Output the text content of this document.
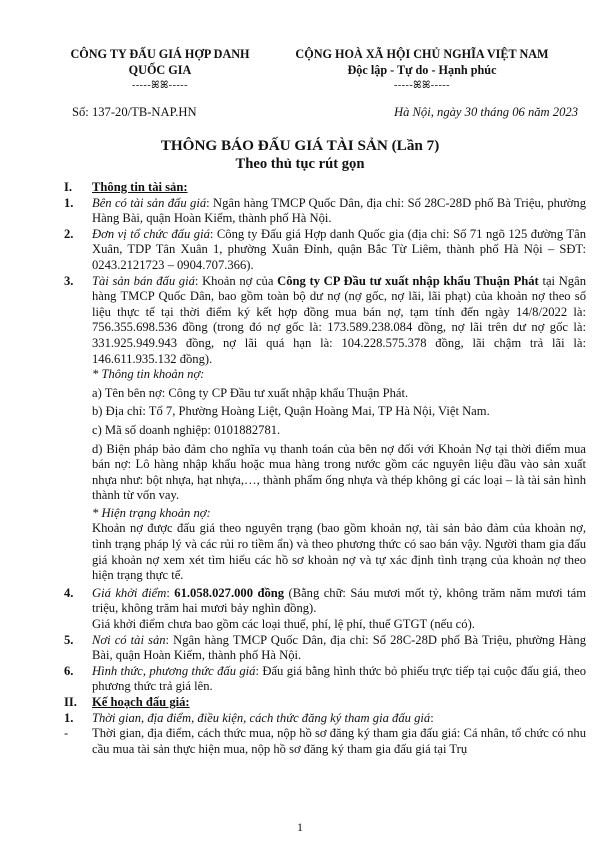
CÔNG TY ĐẤU GIÁ HỢP DANH
QUỐC GIA
-----ꕤꕤ-----
CỘNG HOÀ XÃ HỘI CHỦ NGHĨA VIỆT NAM
Độc lập - Tự do - Hạnh phúc
-----ꕤꕤ-----
Số: 137-20/TB-NAP.HN	Hà Nội, ngày 30 tháng 06 năm 2023
THÔNG BÁO ĐẤU GIÁ TÀI SẢN (Lần 7)
Theo thủ tục rút gọn
I. Thông tin tài sản:
1. Bên có tài sản đấu giá: Ngân hàng TMCP Quốc Dân, địa chỉ: Số 28C-28D phố Bà Triệu, phường Hàng Bài, quận Hoàn Kiếm, thành phố Hà Nội.
2. Đơn vị tổ chức đấu giá: Công ty Đấu giá Hợp danh Quốc gia (địa chỉ: Số 71 ngõ 125 đường Tân Xuân, TDP Tân Xuân 1, phường Xuân Đỉnh, quận Bắc Từ Liêm, thành phố Hà Nội – SĐT: 0243.2121723 – 0904.707.366).
3. Tài sản bán đấu giá: Khoản nợ của Công ty CP Đầu tư xuất nhập khẩu Thuận Phát tại Ngân hàng TMCP Quốc Dân, bao gồm toàn bộ dư nợ (nợ gốc, nợ lãi, lãi phạt) của khoản nợ theo số liệu thực tế tại thời điểm ký kết hợp đồng mua bán nợ, tạm tính đến ngày 14/8/2022 là: 756.355.698.536 đồng (trong đó nợ gốc là: 173.589.238.084 đồng, nợ lãi trên dư nợ gốc là: 331.925.949.943 đồng, nợ lãi quá hạn là: 104.228.575.378 đồng, lãi chậm trả lãi là: 146.611.935.132 đồng).
* Thông tin khoản nợ:
a) Tên bên nợ: Công ty CP Đầu tư xuất nhập khẩu Thuận Phát.
b) Địa chỉ: Tổ 7, Phường Hoàng Liệt, Quận Hoàng Mai, TP Hà Nội, Việt Nam.
c) Mã số doanh nghiệp: 0101882781.
d) Biện pháp bảo đảm cho nghĩa vụ thanh toán của bên nợ đối với Khoản Nợ tại thời điểm mua bán nợ: Lô hàng nhập khẩu hoặc mua hàng trong nước gồm các nguyên liệu đầu vào sản xuất nhựa như: bột nhựa, hạt nhựa,…, thành phẩm ống nhựa và thép không gỉ các loại – là tài sản hình thành từ vốn vay.
* Hiện trạng khoản nợ:
Khoản nợ được đấu giá theo nguyên trạng (bao gồm khoản nợ, tài sản bảo đảm của khoản nợ, tình trạng pháp lý và các rủi ro tiềm ẩn) và theo phương thức có sao bán vậy. Người tham gia đấu giá khoản nợ xem xét tìm hiểu các hồ sơ khoản nợ và tự xác định tình trạng của khoản nợ theo hiện trạng thực tế.
4. Giá khởi điểm: 61.058.027.000 đồng (Bằng chữ: Sáu mươi mốt tỷ, không trăm năm mươi tám triệu, không trăm hai mươi bảy nghìn đồng).
Giá khởi điểm chưa bao gồm các loại thuế, phí, lệ phí, thuế GTGT (nếu có).
5. Nơi có tài sản: Ngân hàng TMCP Quốc Dân, địa chỉ: Số 28C-28D phố Bà Triệu, phường Hàng Bài, quận Hoàn Kiếm, thành phố Hà Nội.
6. Hình thức, phương thức đấu giá: Đấu giá bằng hình thức bỏ phiếu trực tiếp tại cuộc đấu giá, theo phương thức trả giá lên.
II. Kế hoạch đấu giá:
1. Thời gian, địa điểm, điều kiện, cách thức đăng ký tham gia đấu giá:
- Thời gian, địa điểm, cách thức mua, nộp hồ sơ đăng ký tham gia đấu giá: Cá nhân, tổ chức có nhu cầu mua tài sản thực hiện mua, nộp hồ sơ đăng ký tham gia đấu giá tại Trụ
1
